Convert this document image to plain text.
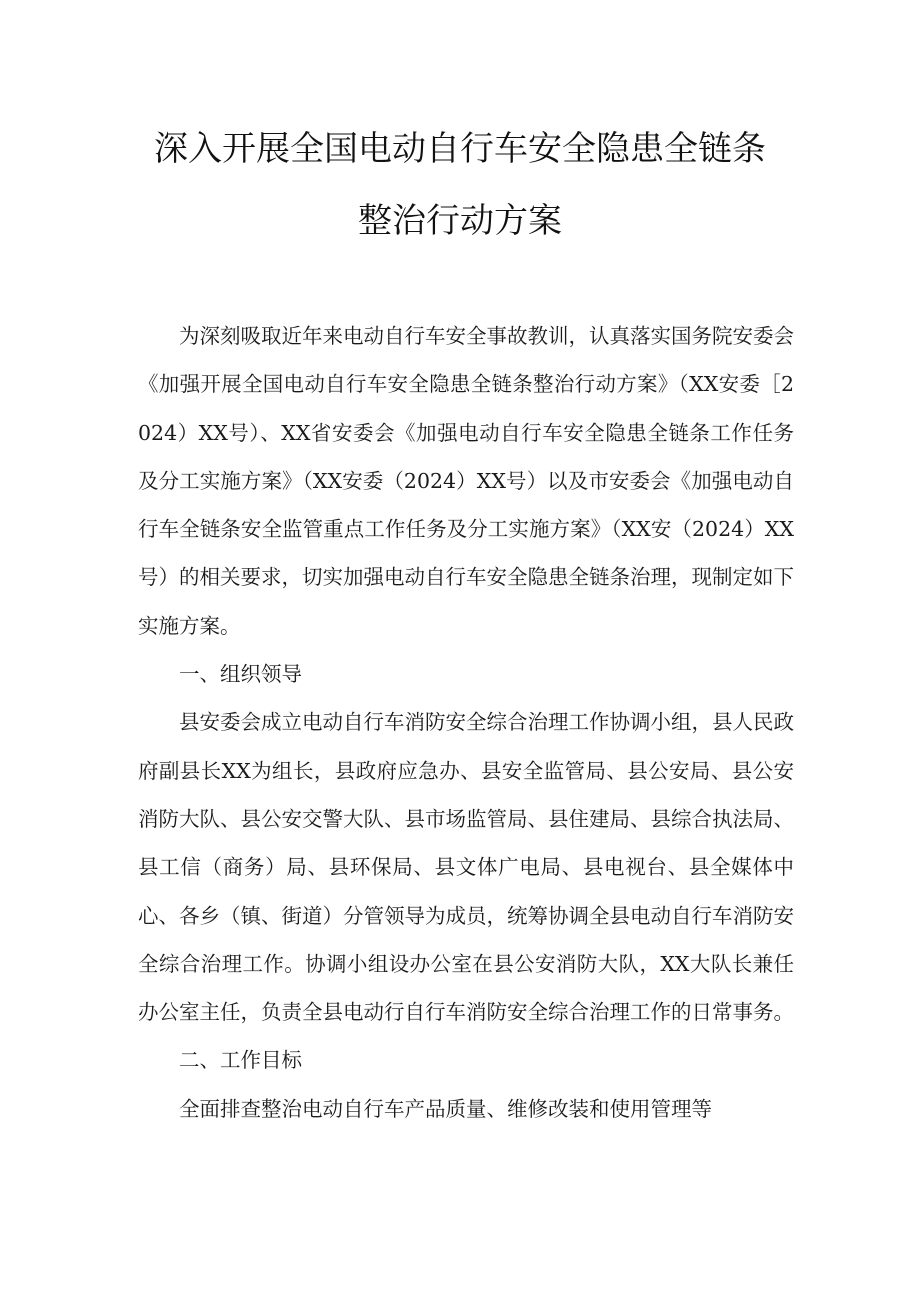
深入开展全国电动自行车安全隐患全链条
整治行动方案

为深刻吸取近年来电动自行车安全事故教训，认真落实国务院安委会《加强开展全国电动自行车安全隐患全链条整治行动方案》（XX安委［2024）XX号）、XX省安委会《加强电动自行车安全隐患全链条工作任务及分工实施方案》（XX安委（2024）XX号）以及市安委会《加强电动自行车全链条安全监管重点工作任务及分工实施方案》（XX安（2024）XX号）的相关要求，切实加强电动自行车安全隐患全链条治理，现制定如下实施方案。

一、组织领导

县安委会成立电动自行车消防安全综合治理工作协调小组，县人民政府副县长XX为组长，县政府应急办、县安全监管局、县公安局、县公安消防大队、县公安交警大队、县市场监管局、县住建局、县综合执法局、县工信（商务）局、县环保局、县文体广电局、县电视台、县全媒体中心、各乡（镇、街道）分管领导为成员，统筹协调全县电动自行车消防安全综合治理工作。协调小组设办公室在县公安消防大队，XX大队长兼任办公室主任，负责全县电动行自行车消防安全综合治理工作的日常事务。

二、工作目标

全面排查整治电动自行车产品质量、维修改装和使用管理等
